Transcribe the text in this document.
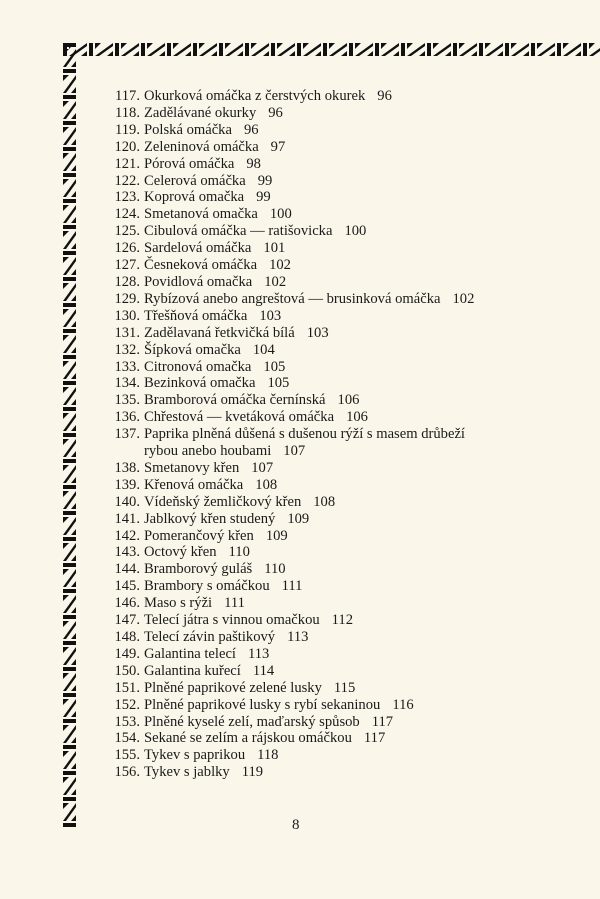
117. Okurková omáčka z čerstvých okurek 96
118. Zadělávané okurky 96
119. Polská omáčka 96
120. Zeleninová omáčka 97
121. Pórová omáčka 98
122. Celerová omáčka 99
123. Koprová omačka 99
124. Smetanová omačka 100
125. Cibulová omáčka — ratišovicka 100
126. Sardelová omáčka 101
127. Česneková omáčka 102
128. Povidlová omačka 102
129. Rybízová anebo angreštová — brusinková omáčka 102
130. Třešňová omáčka 103
131. Zadělavaná řetkvičká bílá 103
132. Šípková omačka 104
133. Citronová omačka 105
134. Bezinková omačka 105
135. Bramborová omáčka černínská 106
136. Chřestová — kvetáková omáčka 106
137. Paprika plněná důšená s dušenou rýží s masem drůbeží
rybou anebo houbami 107
138. Smetanovy křen 107
139. Křenová omáčka 108
140. Vídeňský žemličkový křen 108
141. Jablkový křen studený 109
142. Pomerančový křen 109
143. Octový křen 110
144. Bramborový guláš 110
145. Brambory s omáčkou 111
146. Maso s rýži 111
147. Telecí játra s vinnou omačkou 112
148. Telecí závin paštikový 113
149. Galantina telecí 113
150. Galantina kuřecí 114
151. Plněné paprikové zelené lusky 115
152. Plněné paprikové lusky s rybí sekaninou 116
153. Plněné kyselé zelí, maďarský spůsob 117
154. Sekané se zelím a rájskou omáčkou 117
155. Tykev s paprikou 118
156. Tykev s jablky 119
8
